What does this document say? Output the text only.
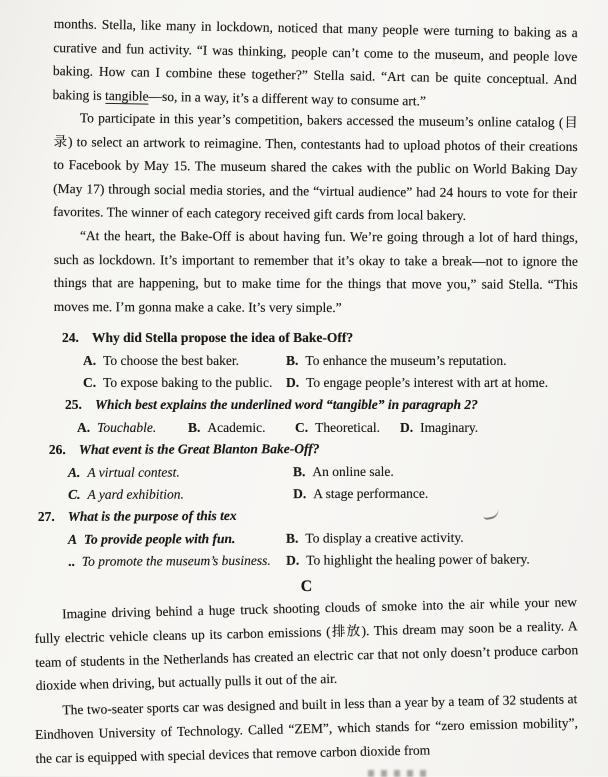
months. Stella, like many in lockdown, noticed that many people were turning to baking as a curative and fun activity. “I was thinking, people can’t come to the museum, and people love baking. How can I combine these together?” Stella said. “Art can be quite conceptual. And baking is tangible—so, in a way, it’s a different way to consume art.”

To participate in this year’s competition, bakers accessed the museum’s online catalog (目录) to select an artwork to reimagine. Then, contestants had to upload photos of their creations to Facebook by May 15. The museum shared the cakes with the public on World Baking Day (May 17) through social media stories, and the “virtual audience” had 24 hours to vote for their favorites. The winner of each category received gift cards from local bakery.

“At the heart, the Bake-Off is about having fun. We’re going through a lot of hard things, such as lockdown. It’s important to remember that it’s okay to take a break—not to ignore the things that are happening, but to make time for the things that move you,” said Stella. “This moves me. I’m gonna make a cake. It’s very simple.”

24. Why did Stella propose the idea of Bake-Off?
A. To choose the best baker.	B. To enhance the museum’s reputation.
C. To expose baking to the public.	D. To engage people’s interest with art at home.
25. Which best explains the underlined word “tangible” in paragraph 2?
A. Touchable.	B. Academic.	C. Theoretical.	D. Imaginary.
26. What event is the Great Blanton Bake-Off?
A. A virtual contest.	B. An online sale.
C. A yard exhibition.	D. A stage performance.
27. What is the purpose of this tex
A To provide people with fun.	B. To display a creative activity.
.. To promote the museum’s business.	D. To highlight the healing power of bakery.
C

Imagine driving behind a huge truck shooting clouds of smoke into the air while your new fully electric vehicle cleans up its carbon emissions (排放). This dream may soon be a reality. A team of students in the Netherlands has created an electric car that not only doesn’t produce carbon dioxide when driving, but actually pulls it out of the air.

The two-seater sports car was designed and built in less than a year by a team of 32 students at Eindhoven University of Technology. Called “ZEM”, which stands for “zero emission mobility”, the car is equipped with special devices that remove carbon dioxide from
